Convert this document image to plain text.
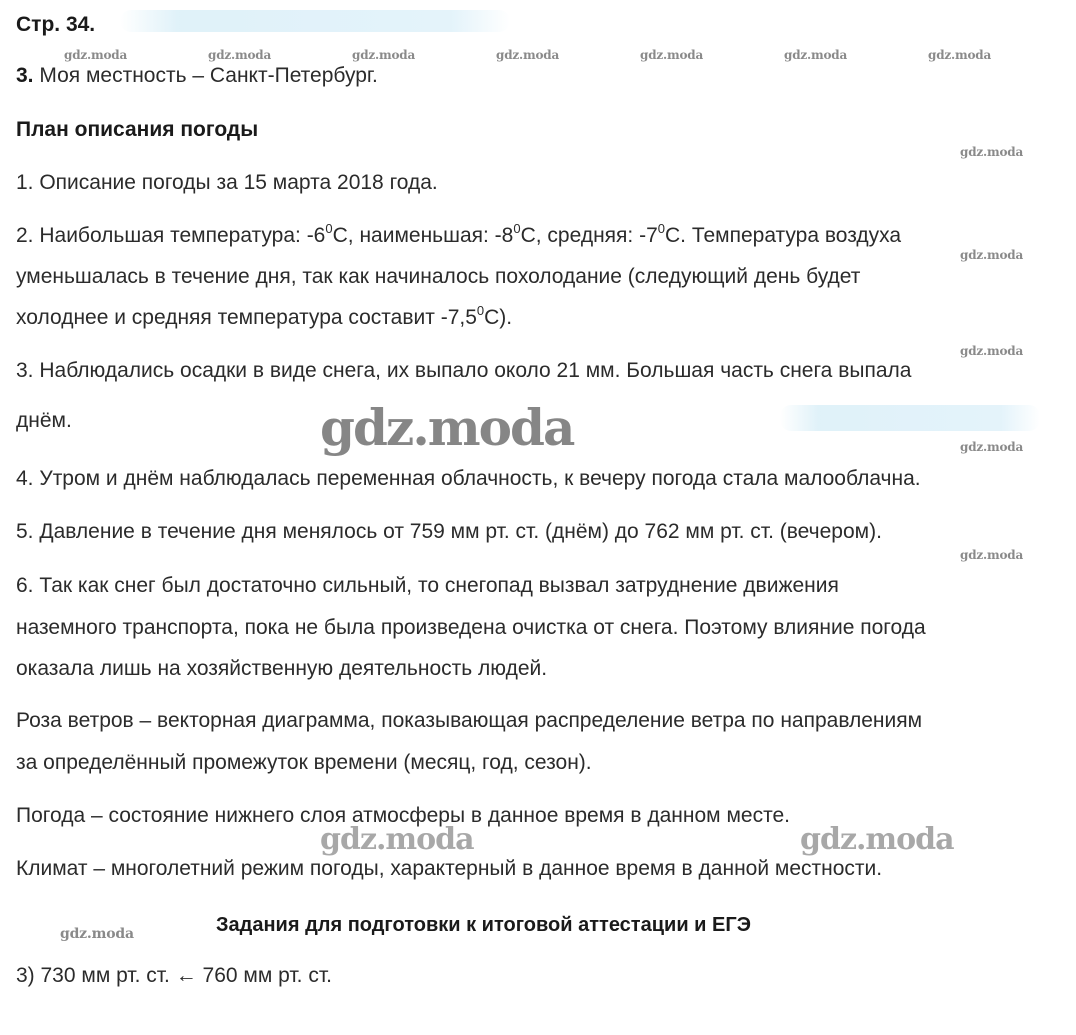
Стр. 34.
3. Моя местность – Санкт-Петербург.
План описания погоды
1. Описание погоды за 15 марта 2018 года.
2. Наибольшая температура: $-6^0С$, наименьшая: $-8^0С$, средняя: $-7^0С$. Температура воздуха
уменьшалась в течение дня, так как начиналось похолодание (следующий день будет
холоднее и средняя температура составит $-7,5^0С$).
3. Наблюдались осадки в виде снега, их выпало около 21 мм. Большая часть снега выпала
днём.
4. Утром и днём наблюдалась переменная облачность, к вечеру погода стала малооблачна.
5. Давление в течение дня менялось от 759 мм рт. ст. (днём) до 762 мм рт. ст. (вечером).
6. Так как снег был достаточно сильный, то снегопад вызвал затруднение движения
наземного транспорта, пока не была произведена очистка от снега. Поэтому влияние погода
оказала лишь на хозяйственную деятельность людей.
Роза ветров – векторная диаграмма, показывающая распределение ветра по направлениям
за определённый промежуток времени (месяц, год, сезон).
Погода – состояние нижнего слоя атмосферы в данное время в данном месте.
Климат – многолетний режим погоды, характерный в данное время в данной местности.
Задания для подготовки к итоговой аттестации и ЕГЭ
3) 730 мм рт. ст. ← 760 мм рт. ст.
gdz.moda	gdz.moda	gdz.moda	gdz.moda	gdz.moda	gdz.moda	gdz.moda
gdz.moda
gdz.moda
gdz.moda
gdz.moda
gdz.moda
gdz.moda
gdz.moda
gdz.moda	gdz.moda
